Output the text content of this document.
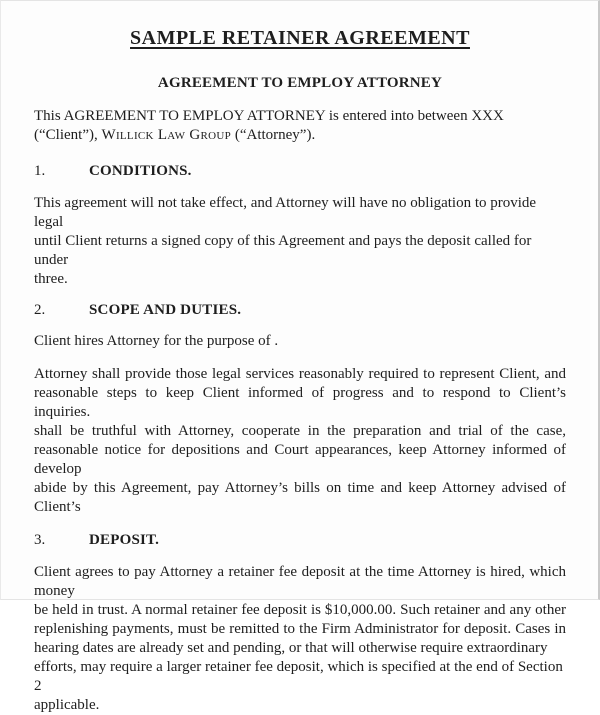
SAMPLE RETAINER AGREEMENT
AGREEMENT TO EMPLOY ATTORNEY

This AGREEMENT TO EMPLOY ATTORNEY is entered into between XXX (“Client”), Willick Law Group (“Attorney”).

1.	CONDITIONS.
This agreement will not take effect, and Attorney will have no obligation to provide legal
until Client returns a signed copy of this Agreement and pays the deposit called for under
three.
2.	SCOPE AND DUTIES.
Client hires Attorney for the purpose of .
Attorney shall provide those legal services reasonably required to represent Client, and
reasonable steps to keep Client informed of progress and to respond to Client’s inquiries.
shall be truthful with Attorney, cooperate in the preparation and trial of the case,
reasonable notice for depositions and Court appearances, keep Attorney informed of develop
abide by this Agreement, pay Attorney’s bills on time and keep Attorney advised of Client’s
3.	DEPOSIT.
Client agrees to pay Attorney a retainer fee deposit at the time Attorney is hired, which money
be held in trust. A normal retainer fee deposit is $10,000.00. Such retainer and any other
replenishing payments, must be remitted to the Firm Administrator for deposit. Cases in
hearing dates are already set and pending, or that will otherwise require extraordinary
efforts, may require a larger retainer fee deposit, which is specified at the end of Section 2
applicable.
